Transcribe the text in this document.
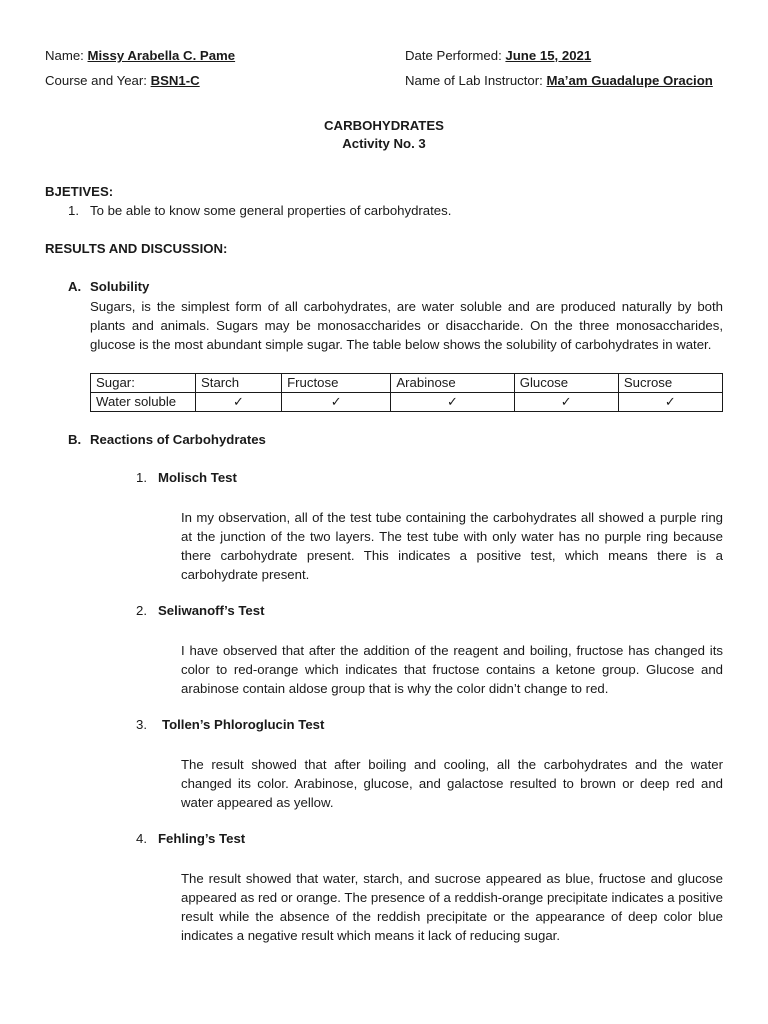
Name: Missy Arabella C. Pame
Course and Year: BSN1-C
Date Performed: June 15, 2021
Name of Lab Instructor: Ma’am Guadalupe Oracion
CARBOHYDRATES
Activity No. 3
BJETIVES:
1. To be able to know some general properties of carbohydrates.
RESULTS AND DISCUSSION:
A. Solubility

Sugars, is the simplest form of all carbohydrates, are water soluble and are produced naturally by both plants and animals. Sugars may be monosaccharides or disaccharide. On the three monosaccharides, glucose is the most abundant simple sugar. The table below shows the solubility of carbohydrates in water.

Sugar:	Starch	Fructose	Arabinose	Glucose	Sucrose
Water soluble	✓	✓	✓	✓	✓
B. Reactions of Carbohydrates
1. Molisch Test

In my observation, all of the test tube containing the carbohydrates all showed a purple ring at the junction of the two layers. The test tube with only water has no purple ring because there carbohydrate present. This indicates a positive test, which means there is a carbohydrate present.

2. Seliwanoff’s Test

I have observed that after the addition of the reagent and boiling, fructose has changed its color to red-orange which indicates that fructose contains a ketone group. Glucose and arabinose contain aldose group that is why the color didn’t change to red.

3. Tollen’s Phloroglucin Test

The result showed that after boiling and cooling, all the carbohydrates and the water changed its color. Arabinose, glucose, and galactose resulted to brown or deep red and water appeared as yellow.

4. Fehling’s Test

The result showed that water, starch, and sucrose appeared as blue, fructose and glucose appeared as red or orange. The presence of a reddish-orange precipitate indicates a positive result while the absence of the reddish precipitate or the appearance of deep color blue indicates a negative result which means it lack of reducing sugar.
